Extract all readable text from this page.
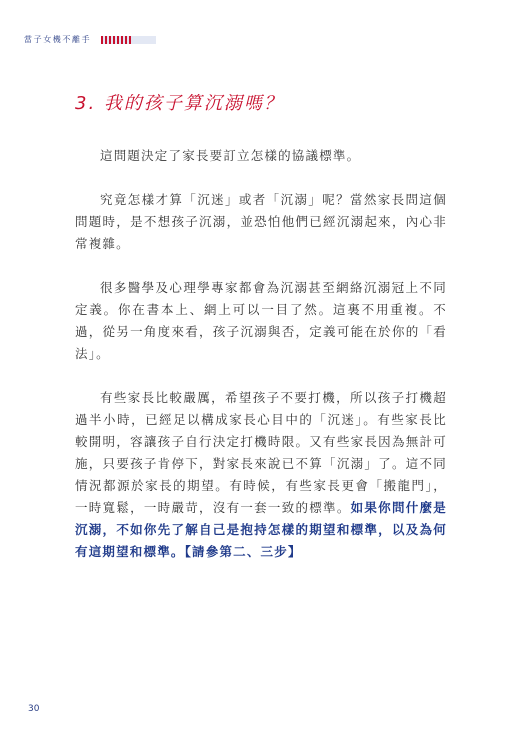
當子女機不離手
3. 我的孩子算沉溺嗎？

這問題決定了家長要訂立怎樣的協議標準。

究竟怎樣才算「沉迷」或者「沉溺」呢？當然家長問這個問題時，是不想孩子沉溺，並恐怕他們已經沉溺起來，內心非常複雜。

很多醫學及心理學專家都會為沉溺甚至網絡沉溺冠上不同定義。你在書本上、網上可以一目了然。這裏不用重複。不過，從另一角度來看，孩子沉溺與否，定義可能在於你的「看法」。

有些家長比較嚴厲，希望孩子不要打機，所以孩子打機超過半小時，已經足以構成家長心目中的「沉迷」。有些家長比較開明，容讓孩子自行決定打機時限。又有些家長因為無計可施，只要孩子肯停下，對家長來說已不算「沉溺」了。這不同情況都源於家長的期望。有時候，有些家長更會「搬龍門」，一時寬鬆，一時嚴苛，沒有一套一致的標準。如果你問什麼是沉溺，不如你先了解自己是抱持怎樣的期望和標準，以及為何有這期望和標準。【請參第二、三步】

30
